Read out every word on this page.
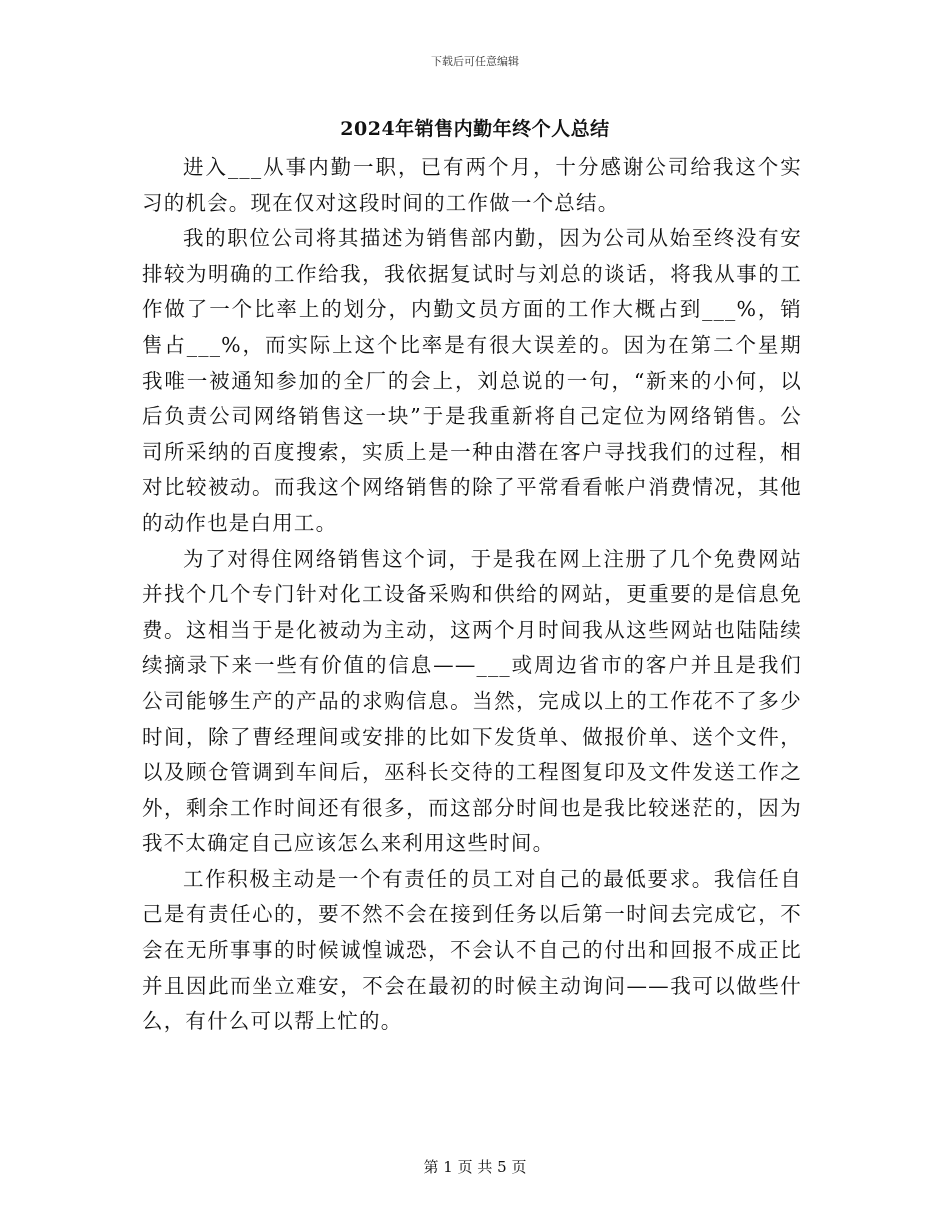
下载后可任意编辑
2024年销售内勤年终个人总结

进入___从事内勤一职，已有两个月，十分感谢公司给我这个实习的机会。现在仅对这段时间的工作做一个总结。

我的职位公司将其描述为销售部内勤，因为公司从始至终没有安排较为明确的工作给我，我依据复试时与刘总的谈话，将我从事的工作做了一个比率上的划分，内勤文员方面的工作大概占到___%，销售占___%，而实际上这个比率是有很大误差的。因为在第二个星期我唯一被通知参加的全厂的会上，刘总说的一句，“新来的小何，以后负责公司网络销售这一块”于是我重新将自己定位为网络销售。公司所采纳的百度搜索，实质上是一种由潜在客户寻找我们的过程，相对比较被动。而我这个网络销售的除了平常看看帐户消费情况，其他的动作也是白用工。

为了对得住网络销售这个词，于是我在网上注册了几个免费网站并找个几个专门针对化工设备采购和供给的网站，更重要的是信息免费。这相当于是化被动为主动，这两个月时间我从这些网站也陆陆续续摘录下来一些有价值的信息——___或周边省市的客户并且是我们公司能够生产的产品的求购信息。当然，完成以上的工作花不了多少时间，除了曹经理间或安排的比如下发货单、做报价单、送个文件，以及顾仓管调到车间后，巫科长交待的工程图复印及文件发送工作之外，剩余工作时间还有很多，而这部分时间也是我比较迷茫的，因为我不太确定自己应该怎么来利用这些时间。

工作积极主动是一个有责任的员工对自己的最低要求。我信任自己是有责任心的，要不然不会在接到任务以后第一时间去完成它，不会在无所事事的时候诚惶诚恐，不会认不自己的付出和回报不成正比并且因此而坐立难安，不会在最初的时候主动询问——我可以做些什么，有什么可以帮上忙的。

第 1 页 共 5 页
